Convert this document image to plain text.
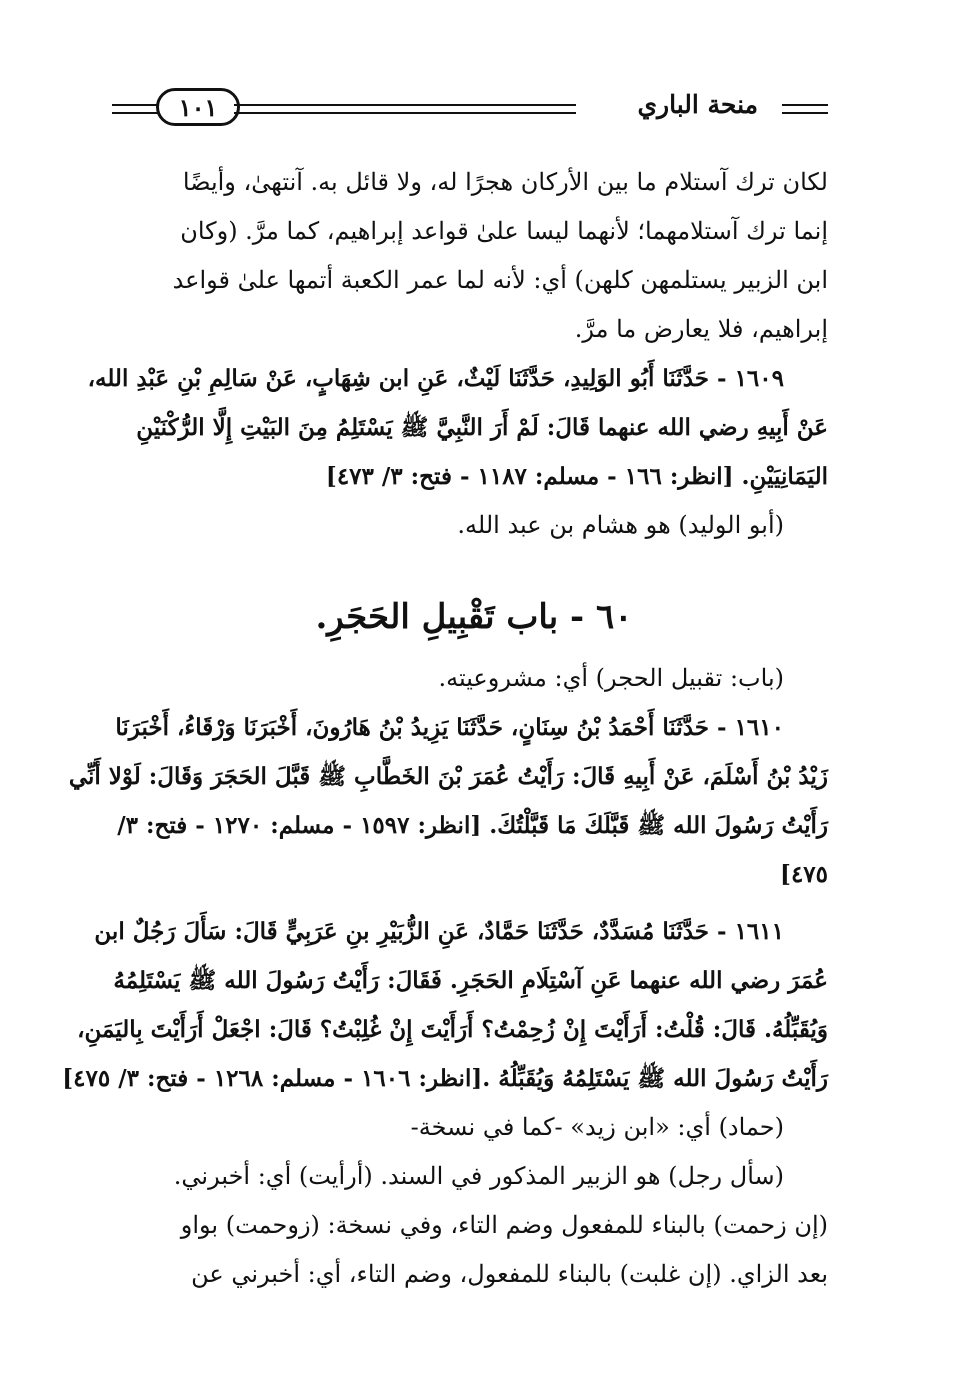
منحة الباري
١٠١
لكان ترك آستلام ما بين الأركان هجرًا له، ولا قائل به. آنتهىٰ، وأيضًا
إنما ترك آستلامهما؛ لأنهما ليسا علىٰ قواعد إبراهيم، كما مرَّ. (وكان
ابن الزبير يستلمهن كلهن) أي: لأنه لما عمر الكعبة أتمها علىٰ قواعد
إبراهيم، فلا يعارض ما مرَّ.
١٦٠٩ - حَدَّثَنَا أَبُو الوَلِيدِ، حَدَّثَنَا لَيْثٌ، عَنِ ابن شِهَابٍ، عَنْ سَالِمِ بْنِ عَبْدِ الله،
عَنْ أَبِيهِ رضي الله عنهما قَالَ: لَمْ أَرَ النَّبِيَّ ﷺ يَسْتَلِمُ مِنَ البَيْتِ إِلَّا الرُّكْنَيْنِ
اليَمَانِيَيْنِ. [انظر: ١٦٦ - مسلم: ١١٨٧ - فتح: ٣/ ٤٧٣]
(أبو الوليد) هو هشام بن عبد الله.
٦٠ - باب تَقْبِيلِ الحَجَرِ.
(باب: تقبيل الحجر) أي: مشروعيته.
١٦١٠ - حَدَّثَنَا أَحْمَدُ بْنُ سِنَانٍ، حَدَّثَنَا يَزِيدُ بْنُ هَارُونَ، أَخْبَرَنَا وَرْقَاءُ، أَخْبَرَنَا
زَيْدُ بْنُ أَسْلَمَ، عَنْ أَبِيهِ قَالَ: رَأَيْتُ عُمَرَ بْنَ الخَطَّابِ ﷺ قَبَّلَ الحَجَرَ وَقَالَ: لَوْلا أَنِّي
رَأَيْتُ رَسُولَ الله ﷺ قَبَّلَكَ مَا قَبَّلْتُكَ. [انظر: ١٥٩٧ - مسلم: ١٢٧٠ - فتح: ٣/
٤٧٥]
١٦١١ - حَدَّثَنَا مُسَدَّدٌ، حَدَّثَنَا حَمَّادٌ، عَنِ الزُّبَيْرِ بنِ عَرَبِيٍّ قَالَ: سَأَلَ رَجُلٌ ابن
عُمَرَ رضي الله عنهما عَنِ آسْتِلَامِ الحَجَرِ. فَقَالَ: رَأَيْتُ رَسُولَ الله ﷺ يَسْتَلِمُهُ
وَيُقَبِّلُهُ. قَالَ: قُلْتُ: أَرَأَيْتَ إِنْ زُحِمْتُ؟ أَرَأَيْتَ إِنْ غُلِبْتُ؟ قَالَ: اجْعَلْ أَرَأَيْتَ بِاليَمَنِ،
رَأَيْتُ رَسُولَ الله ﷺ يَسْتَلِمُهُ وَيُقَبِّلُهُ .[انظر: ١٦٠٦ - مسلم: ١٢٦٨ - فتح: ٣/ ٤٧٥]
(حماد) أي: «ابن زيد» -كما في نسخة-
(سأل رجل) هو الزبير المذكور في السند. (أرأيت) أي: أخبرني.
(إن زحمت) بالبناء للمفعول وضم التاء، وفي نسخة: (زوحمت) بواو
بعد الزاي. (إن غلبت) بالبناء للمفعول، وضم التاء، أي: أخبرني عن
